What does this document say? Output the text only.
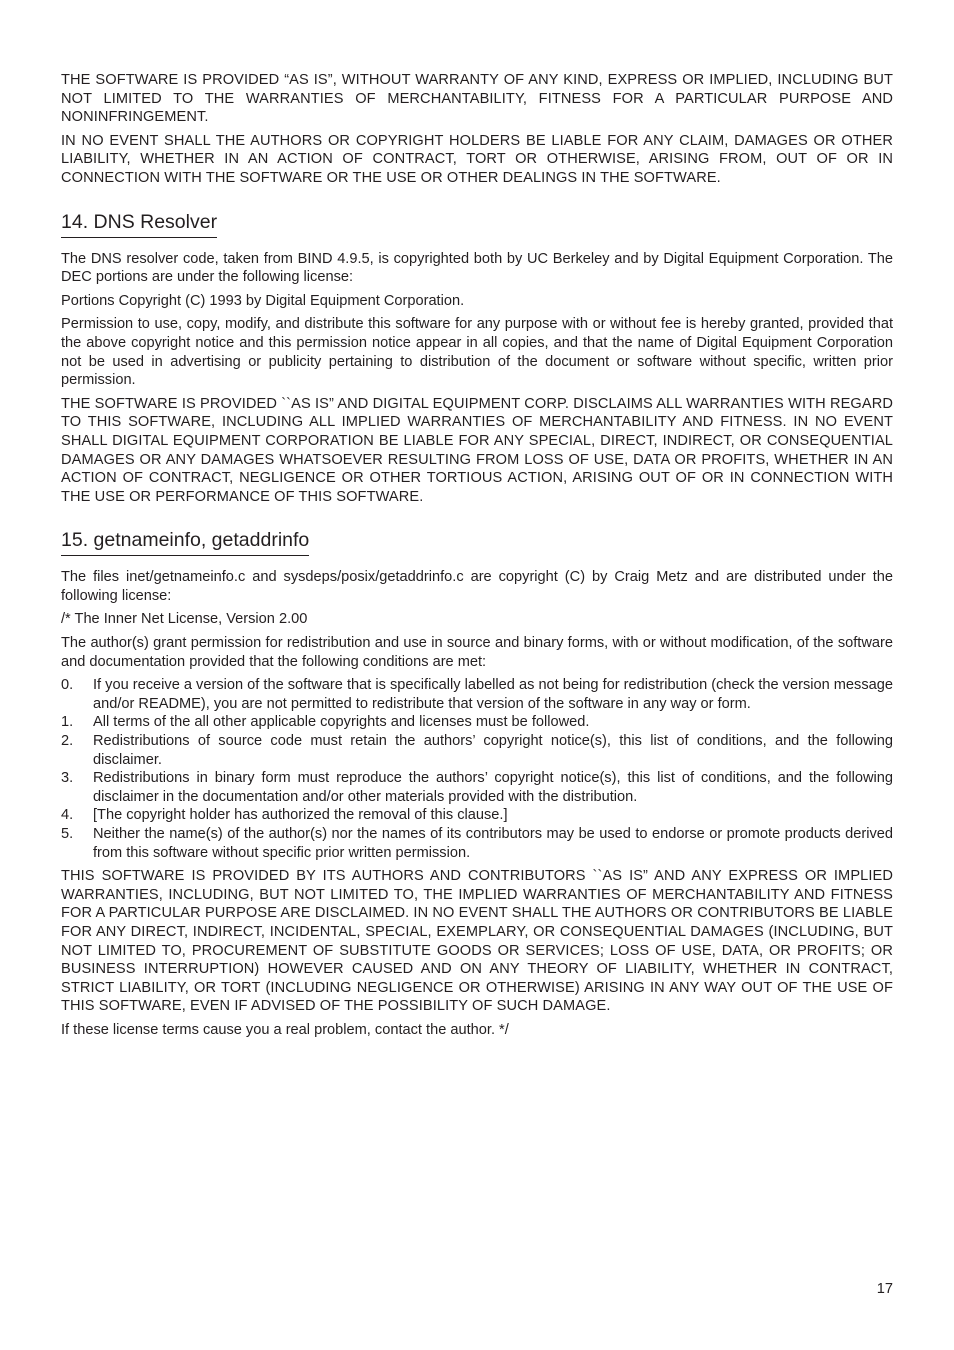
THE SOFTWARE IS PROVIDED “AS IS”, WITHOUT WARRANTY OF ANY KIND, EXPRESS OR IMPLIED, INCLUDING BUT NOT LIMITED TO THE WARRANTIES OF MERCHANTABILITY, FITNESS FOR A PARTICULAR PURPOSE AND NONINFRINGEMENT.

IN NO EVENT SHALL THE AUTHORS OR COPYRIGHT HOLDERS BE LIABLE FOR ANY CLAIM, DAMAGES OR OTHER LIABILITY, WHETHER IN AN ACTION OF CONTRACT, TORT OR OTHERWISE, ARISING FROM, OUT OF OR IN CONNECTION WITH THE SOFTWARE OR THE USE OR OTHER DEALINGS IN THE SOFTWARE.

14. DNS Resolver

The DNS resolver code, taken from BIND 4.9.5, is copyrighted both by UC Berkeley and by Digital Equipment Corporation. The DEC portions are under the following license:

Portions Copyright (C) 1993 by Digital Equipment Corporation.

Permission to use, copy, modify, and distribute this software for any purpose with or without fee is hereby granted, provided that the above copyright notice and this permission notice appear in all copies, and that the name of Digital Equipment Corporation not be used in advertising or publicity pertaining to distribution of the document or software without specific, written prior permission.

THE SOFTWARE IS PROVIDED ``AS IS” AND DIGITAL EQUIPMENT CORP. DISCLAIMS ALL WARRANTIES WITH REGARD TO THIS SOFTWARE, INCLUDING ALL IMPLIED WARRANTIES OF MERCHANTABILITY AND FITNESS. IN NO EVENT SHALL DIGITAL EQUIPMENT CORPORATION BE LIABLE FOR ANY SPECIAL, DIRECT, INDIRECT, OR CONSEQUENTIAL DAMAGES OR ANY DAMAGES WHATSOEVER RESULTING FROM LOSS OF USE, DATA OR PROFITS, WHETHER IN AN ACTION OF CONTRACT, NEGLIGENCE OR OTHER TORTIOUS ACTION, ARISING OUT OF OR IN CONNECTION WITH THE USE OR PERFORMANCE OF THIS SOFTWARE.

15. getnameinfo, getaddrinfo

The files inet/getnameinfo.c and sysdeps/posix/getaddrinfo.c are copyright (C) by Craig Metz and are distributed under the following license:

/* The Inner Net License, Version 2.00

The author(s) grant permission for redistribution and use in source and binary forms, with or without modification, of the software and documentation provided that the following conditions are met:

0. If you receive a version of the software that is specifically labelled as not being for redistribution (check the version message and/or README), you are not permitted to redistribute that version of the software in any way or form.
1. All terms of the all other applicable copyrights and licenses must be followed.
2. Redistributions of source code must retain the authors’ copyright notice(s), this list of conditions, and the following disclaimer.
3. Redistributions in binary form must reproduce the authors’ copyright notice(s), this list of conditions, and the following disclaimer in the documentation and/or other materials provided with the distribution.
4. [The copyright holder has authorized the removal of this clause.]
5. Neither the name(s) of the author(s) nor the names of its contributors may be used to endorse or promote products derived from this software without specific prior written permission.

THIS SOFTWARE IS PROVIDED BY ITS AUTHORS AND CONTRIBUTORS ``AS IS” AND ANY EXPRESS OR IMPLIED WARRANTIES, INCLUDING, BUT NOT LIMITED TO, THE IMPLIED WARRANTIES OF MERCHANTABILITY AND FITNESS FOR A PARTICULAR PURPOSE ARE DISCLAIMED. IN NO EVENT SHALL THE AUTHORS OR CONTRIBUTORS BE LIABLE FOR ANY DIRECT, INDIRECT, INCIDENTAL, SPECIAL, EXEMPLARY, OR CONSEQUENTIAL DAMAGES (INCLUDING, BUT NOT LIMITED TO, PROCUREMENT OF SUBSTITUTE GOODS OR SERVICES; LOSS OF USE, DATA, OR PROFITS; OR BUSINESS INTERRUPTION) HOWEVER CAUSED AND ON ANY THEORY OF LIABILITY, WHETHER IN CONTRACT, STRICT LIABILITY, OR TORT (INCLUDING NEGLIGENCE OR OTHERWISE) ARISING IN ANY WAY OUT OF THE USE OF THIS SOFTWARE, EVEN IF ADVISED OF THE POSSIBILITY OF SUCH DAMAGE.

If these license terms cause you a real problem, contact the author. */

17
